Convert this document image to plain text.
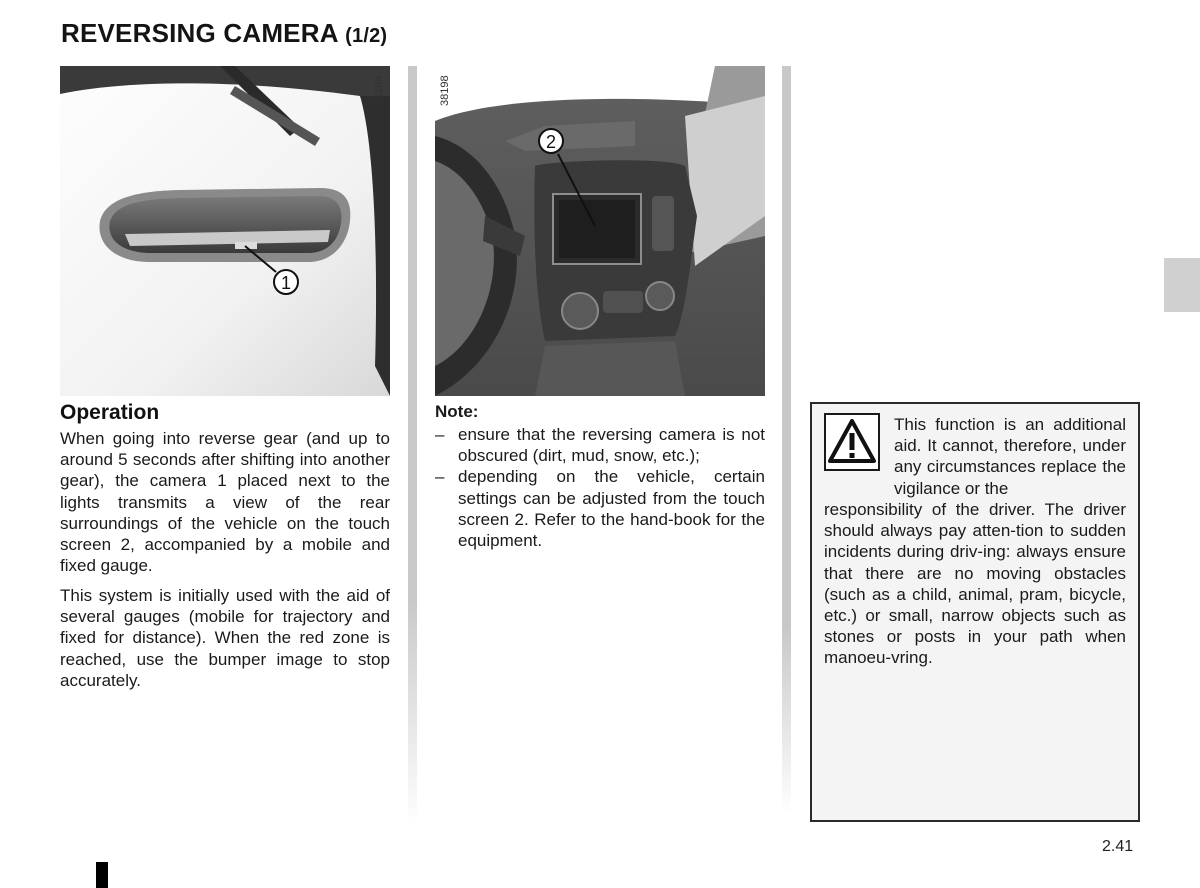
REVERSING CAMERA (1/2)
1
38164
2
38198
Operation

When going into reverse gear (and up to around 5 seconds after shifting into another gear), the camera 1 placed next to the lights transmits a view of the rear surroundings of the vehicle on the touch screen 2, accompanied by a mobile and fixed gauge.

This system is initially used with the aid of several gauges (mobile for trajectory and fixed for distance). When the red zone is reached, use the bumper image to stop accurately.

Note:
– ensure that the reversing camera is not obscured (dirt, mud, snow, etc.);
– depending on the vehicle, certain settings can be adjusted from the touch screen 2. Refer to the hand-book for the equipment.
This function is an additional aid. It cannot, therefore, under any circumstances replace the vigilance or the
responsibility of the driver. The driver should always pay atten-tion to sudden incidents during driv-ing: always ensure that there are no moving obstacles (such as a child, animal, pram, bicycle, etc.) or small, narrow objects such as stones or posts in your path when manoeu-vring.
2.41
